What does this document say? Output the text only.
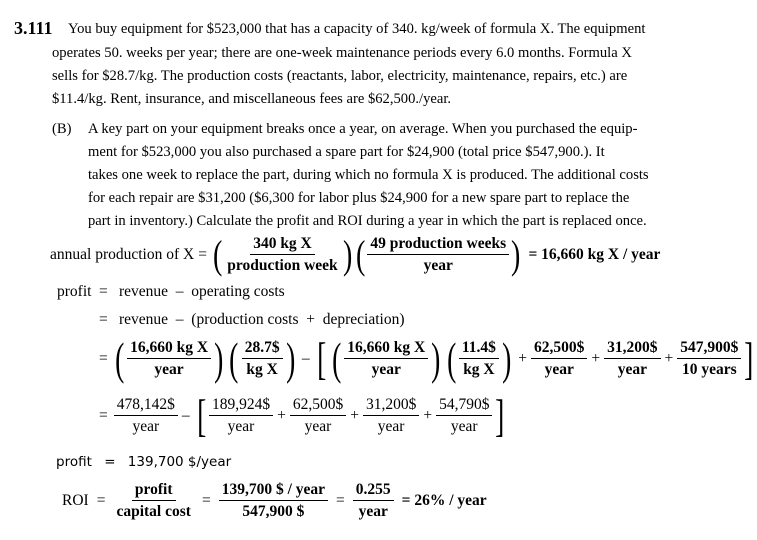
3.111 You buy equipment for $523,000 that has a capacity of 340. kg/week of formula X. The equipment
operates 50. weeks per year; there are one-week maintenance periods every 6.0 months. Formula X
sells for $28.7/kg. The production costs (reactants, labor, electricity, maintenance, repairs, etc.) are
$11.4/kg. Rent, insurance, and miscellaneous fees are $62,500./year.
(B) A key part on your equipment breaks once a year, on average. When you purchased the equip-
ment for $523,000 you also purchased a spare part for $24,900 (total price $547,900.). It
takes one week to replace the part, during which no formula X is produced. The additional costs
for each repair are $31,200 ($6,300 for labor plus $24,900 for a new spare part to replace the
part in inventory.) Calculate the profit and ROI during a year in which the part is replaced once.
annual production of X = ( $\frac{\text{340 kg X}}{\text{production week}}$ ) ( $\frac{\text{49 production weeks}}{\text{year}}$ ) = 16,660 kg X / year
profit = revenue  –  operating costs
= revenue  –  (production costs  +  depreciation)
= ( $\frac{\text{16,660 kg X}}{\text{year}}$ ) ( $\frac{28.7\$}{\text{kg X}}$ ) – [ ( $\frac{\text{16,660 kg X}}{\text{year}}$ ) ( $\frac{11.4\$}{\text{kg X}}$ ) + $\frac{62,500\$}{\text{year}} + \frac{31,200\$}{\text{year}} + \frac{547,900\$}{\text{10 years}}$ ]
= $\frac{478,142\$}{\text{year}}$ – [ $\frac{189,924\$}{\text{year}} + \frac{62,500\$}{\text{year}} + \frac{31,200\$}{\text{year}} + \frac{54,790\$}{\text{year}}$ ]
profit = 139,700 $/year
ROI = $\frac{\text{profit}}{\text{capital cost}} = \frac{\text{139,700 \$ / year}}{547,900 \$} = \frac{0.255}{\text{year}} = 26\%$ / year
